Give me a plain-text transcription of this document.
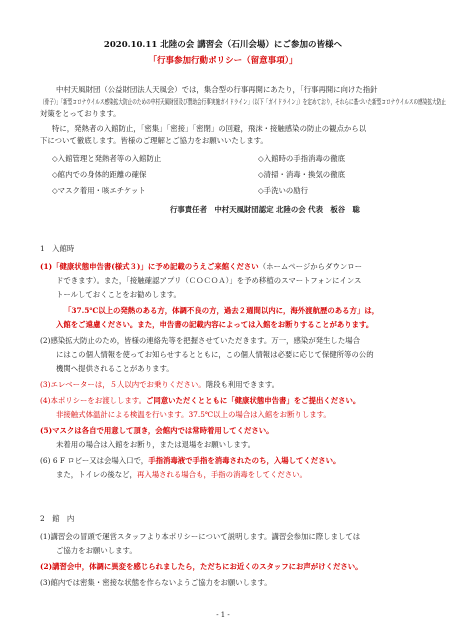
2020.10.11 北陸の会 講習会（石川会場）にご参加の皆様へ
「行事参加行動ポリシー（留意事項）」
中村天風財団（公益財団法人天風会）では，集合型の行事再開にあたり，「行事再開に向けた指針
（骨子）」「新型コロナウイルス感染拡大防止のための中村天風財団及び賛助会行事実施ガイドライン」（以下「ガイドライン」）を定めており，それらに基づいた新型コロナウイルスの感染拡大防止
対策をとっております。
特に，発熱者の入館防止，「密集」「密接」「密閉」の回避，飛沫・接触感染の防止の観点から以
下について徹底します。皆様のご理解とご協力をお願いいたします。
◇入館管理と発熱者等の入館防止	◇入館時の手指消毒の徹底
◇館内での身体的距離の確保	◇清掃・消毒・換気の徹底
◇マスク着用・咳エチケット	◇手洗いの励行
行事責任者　中村天風財団認定 北陸の会 代表　板谷　聡
1　入館時
(1)「健康状態申告書(様式３)」に予め記載のうえご来館ください（ホームページからダウンロー
ドできます）。また，「接触確認アプリ（ＣＯＣＯＡ）」を予め移植のスマートフォンにインス
トールしておくことをお勧めします。
「37.5℃以上の発熱のある方，体調不良の方，過去２週間以内に，海外渡航歴のある方」は，
入館をご遠慮ください。また，申告書の記載内容によっては入館をお断りすることがあります。
(2)感染拡大防止のため，皆様の連絡先等を把握させていただきます。万一，感染が発生した場合
にはこの個人情報を使ってお知らせするとともに，この個人情報は必要に応じて保健所等の公的
機関へ提供されることがあります。
(3)エレベーターは，５人以内でお乗りください。階段も利用できます。
(4)本ポリシーをお渡しします。ご同意いただくとともに「健康状態申告書」をご提出ください。
非接触式体温計による検温を行います。37.5℃以上の場合は入館をお断りします。
(5)マスクは各自で用意して頂き，会館内では常時着用してください。
未着用の場合は入館をお断り，または退場をお願いします。
(6) 6 F ロビー又は会場入口で，手指消毒液で手指を消毒されたのち，入場してください。
また，トイレの後など，再入場される場合も，手指の消毒をしてください。
2　館　内
(1)講習会の冒頭で運営スタッフより本ポリシーについて説明します。講習会参加に際しましては
ご協力をお願いします。
(2)講習会中，体調に異変を感じられましたら，ただちにお近くのスタッフにお声がけください。
(3)館内では密集・密接な状態を作らないようご協力をお願いします。
- 1 -
